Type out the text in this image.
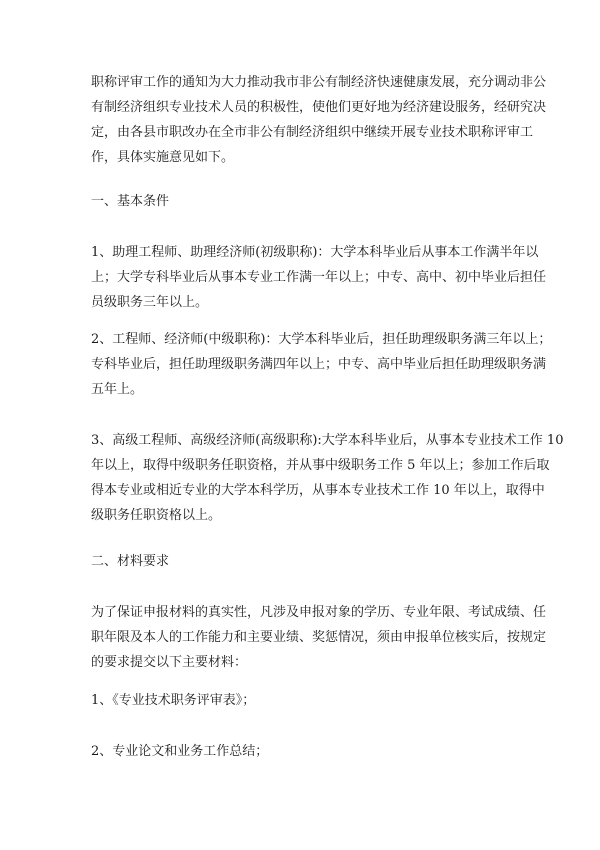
职称评审工作的通知为大力推动我市非公有制经济快速健康发展，充分调动非公
有制经济组织专业技术人员的积极性，使他们更好地为经济建设服务，经研究决
定，由各县市职改办在全市非公有制经济组织中继续开展专业技术职称评审工
作，具体实施意见如下。
一、基本条件
1、助理工程师、助理经济师(初级职称)：大学本科毕业后从事本工作满半年以
上；大学专科毕业后从事本专业工作满一年以上；中专、高中、初中毕业后担任
员级职务三年以上。
2、工程师、经济师(中级职称)：大学本科毕业后，担任助理级职务满三年以上；
专科毕业后，担任助理级职务满四年以上；中专、高中毕业后担任助理级职务满
五年上。
3、高级工程师、高级经济师(高级职称):大学本科毕业后，从事本专业技术工作 10
年以上，取得中级职务任职资格，并从事中级职务工作 5 年以上；参加工作后取
得本专业或相近专业的大学本科学历，从事本专业技术工作 10 年以上，取得中
级职务任职资格以上。
二、材料要求
为了保证申报材料的真实性，凡涉及申报对象的学历、专业年限、考试成绩、任
职年限及本人的工作能力和主要业绩、奖惩情况，须由申报单位核实后，按规定
的要求提交以下主要材料：
1、《专业技术职务评审表》；
2、专业论文和业务工作总结；
